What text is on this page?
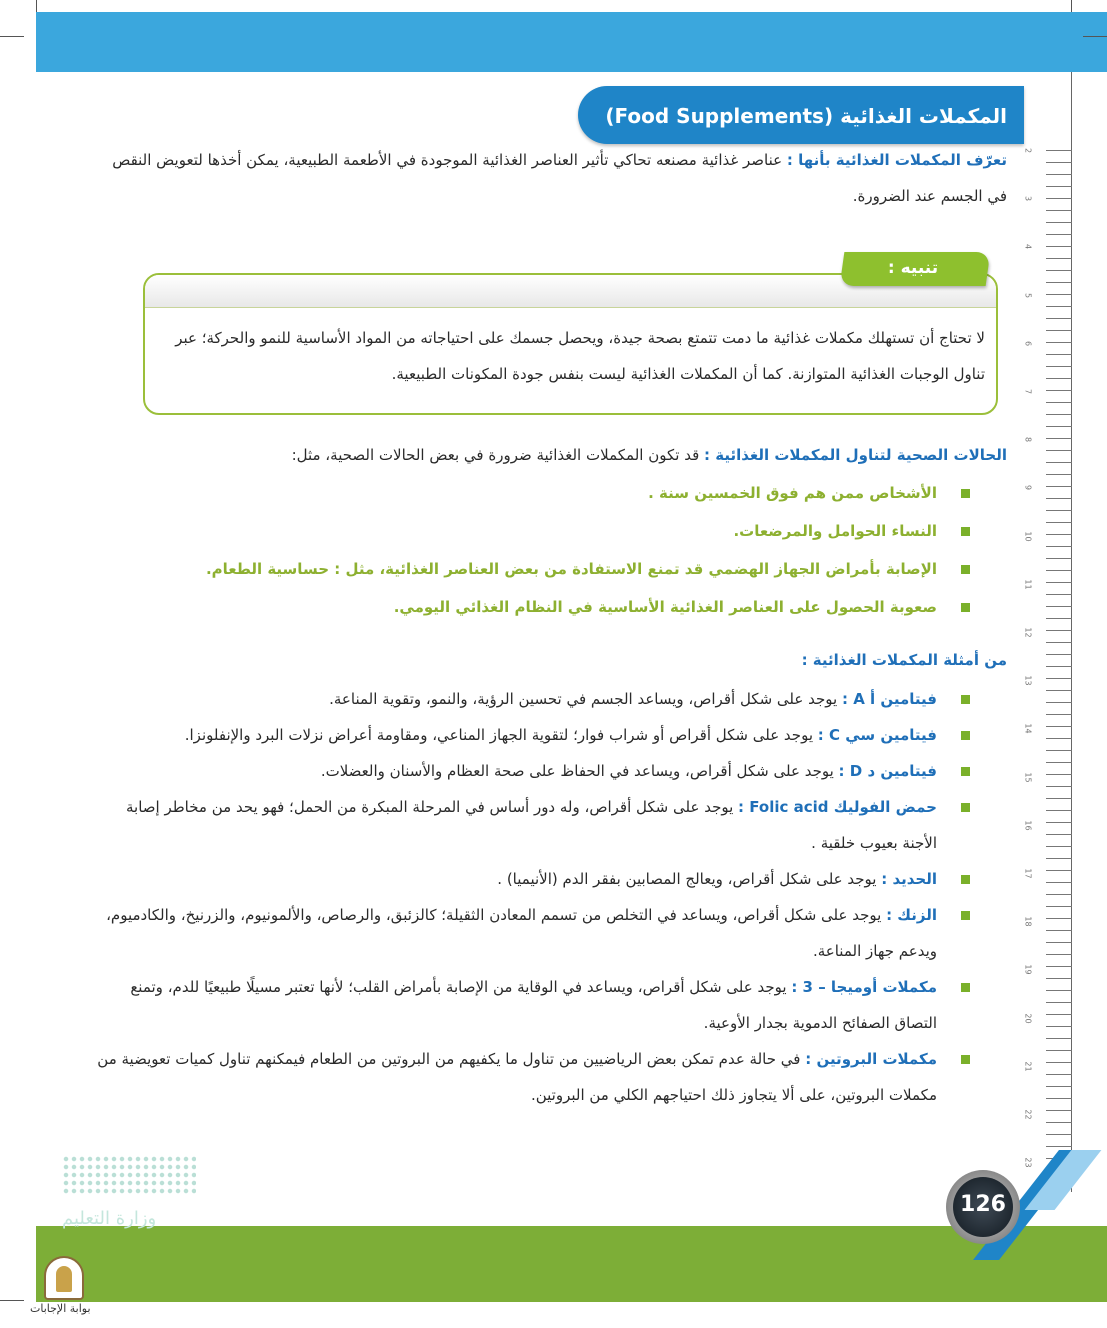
2
3
4
5
6
7
8
9
10
11
12
13
14
15
16
17
18
19
20
21
22
23
المكملات الغذائية (Food Supplements)
تعرّف المكملات الغذائية بأنها : عناصر غذائية مصنعه تحاكي تأثير العناصر الغذائية الموجودة في الأطعمة الطبيعية، يمكن أخذها لتعويض النقص في الجسم عند الضرورة.
تنبيه :
لا تحتاج أن تستهلك مكملات غذائية ما دمت تتمتع بصحة جيدة، ويحصل جسمك على احتياجاته من المواد الأساسية للنمو والحركة؛ عبر تناول الوجبات الغذائية المتوازنة. كما أن المكملات الغذائية ليست بنفس جودة المكونات الطبيعية.
الحالات الصحية لتناول المكملات الغذائية : قد تكون المكملات الغذائية ضرورة في بعض الحالات الصحية، مثل:
الأشخاص ممن هم فوق الخمسين سنة .
النساء الحوامل والمرضعات.
الإصابة بأمراض الجهاز الهضمي قد تمنع الاستفادة من بعض العناصر الغذائية، مثل : حساسية الطعام.
صعوبة الحصول على العناصر الغذائية الأساسية في النظام الغذائي اليومي.
من أمثلة المكملات الغذائية :
فيتامين أ A : يوجد على شكل أقراص، ويساعد الجسم في تحسين الرؤية، والنمو، وتقوية المناعة.
فيتامين سي C : يوجد على شكل أقراص أو شراب فوار؛ لتقوية الجهاز المناعي، ومقاومة أعراض نزلات البرد والإنفلونزا.
فيتامين د D : يوجد على شكل أقراص، ويساعد في الحفاظ على صحة العظام والأسنان والعضلات.
حمض الفوليك Folic acid : يوجد على شكل أقراص، وله دور أساس في المرحلة المبكرة من الحمل؛ فهو يحد من مخاطر إصابة الأجنة بعيوب خلقية .
الحديد : يوجد على شكل أقراص، ويعالج المصابين بفقر الدم (الأنيميا) .
الزنك : يوجد على شكل أقراص، ويساعد في التخلص من تسمم المعادن الثقيلة؛ كالزئبق، والرصاص، والألمونيوم، والزرنيخ، والكادميوم، ويدعم جهاز المناعة.
مكملات أوميجا – 3 : يوجد على شكل أقراص، ويساعد في الوقاية من الإصابة بأمراض القلب؛ لأنها تعتبر مسيلًا طبيعيًا للدم، وتمنع التصاق الصفائح الدموية بجدار الأوعية.
مكملات البروتين : في حالة عدم تمكن بعض الرياضيين من تناول ما يكفيهم من البروتين من الطعام فيمكنهم تناول كميات تعويضية من مكملات البروتين، على ألا يتجاوز ذلك احتياجهم الكلي من البروتين.
126
وزارة التعليم
بوابة الإجابات
